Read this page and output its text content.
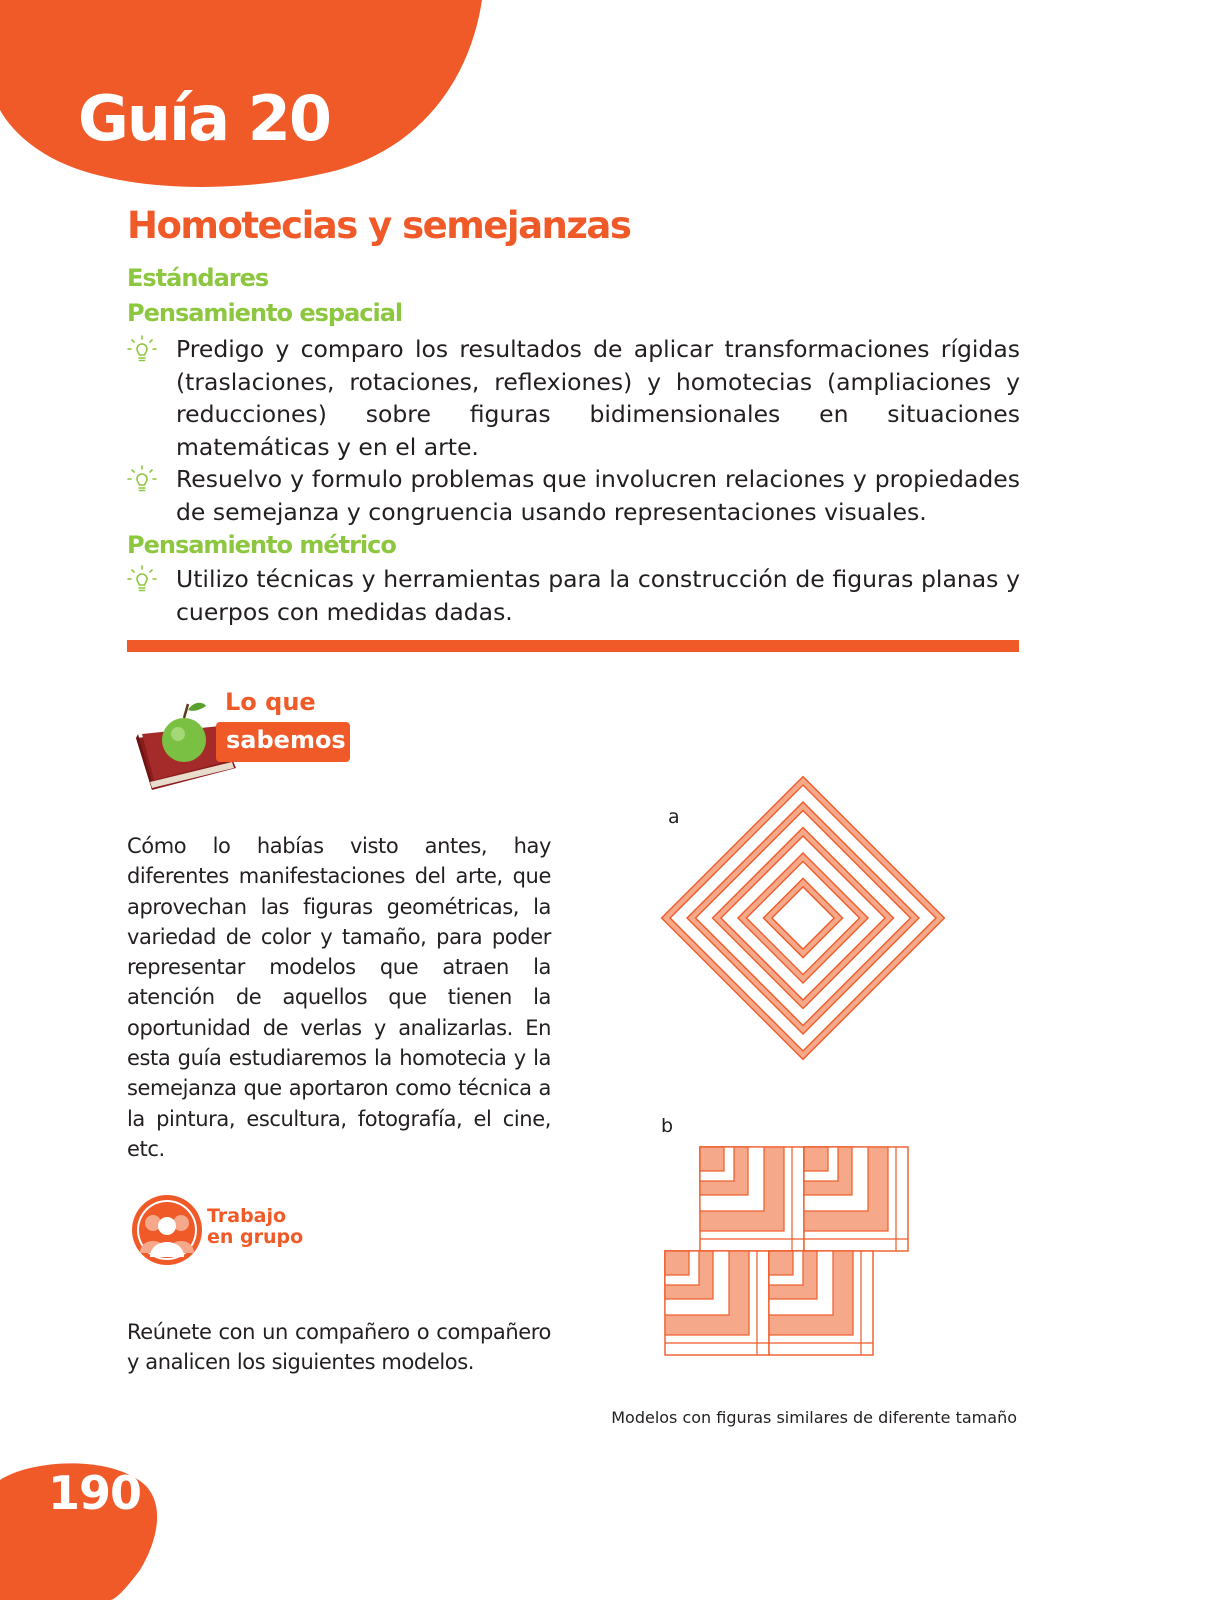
Guía 20
Homotecias y semejanzas

Estándares

Pensamiento espacial

Predigo y comparo los resultados de aplicar transformaciones rígidas (traslaciones, rotaciones, reflexiones) y homotecias (ampliaciones y reducciones) sobre figuras bidimensionales en situaciones matemáticas y en el arte.

Resuelvo y formulo problemas que involucren relaciones y propiedades de semejanza y congruencia usando representaciones visuales.

Pensamiento métrico

Utilizo técnicas y herramientas para la construcción de figuras planas y cuerpos con medidas dadas.

Lo que

sabemos

Cómo lo habías visto antes, hay diferentes manifestaciones del arte, que aprovechan las figuras geométricas, la variedad de color y tamaño, para poder representar modelos que atraen la atención de aquellos que tienen la oportunidad de verlas y analizarlas. En esta guía estudiaremos la homotecia y la semejanza que aportaron como técnica a la pintura, escultura, fotografía, el cine, etc.

Trabajo
en grupo

Reúnete con un compañero o compañero y analicen los siguientes modelos.

a

b

Modelos con figuras similares de diferente tamaño

190
